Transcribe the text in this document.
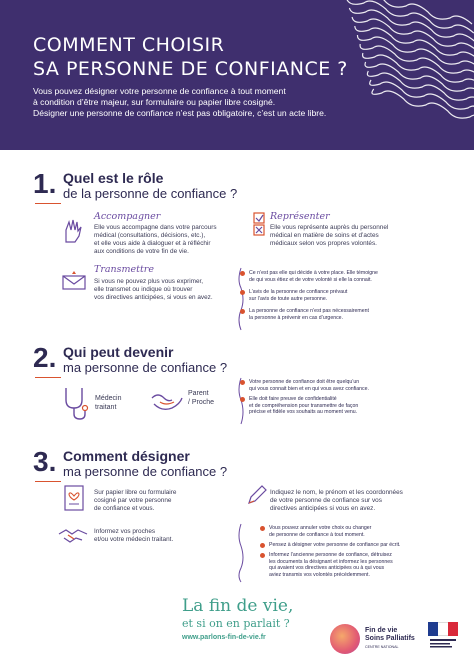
COMMENT CHOISIR
SA PERSONNE DE CONFIANCE ?

Vous pouvez désigner votre personne de confiance à tout moment

à condition d’être majeur, sur formulaire ou papier libre cosigné.

Désigner une personne de confiance n’est pas obligatoire, c’est un acte libre.

1. Quel est le rôle
de la personne de confiance ?
Accompagner
Elle vous accompagne dans votre parcours
médical (consultations, décisions, etc.),
et elle vous aide à dialoguer et à réfléchir
aux conditions de votre fin de vie.
Représenter
Elle vous représente auprès du personnel
médical en matière de soins et d’actes
médicaux selon vos propres volontés.
Transmettre
Si vous ne pouvez plus vous exprimer,
elle transmet ou indique où trouver
vos directives anticipées, si vous en avez.
Ce n’est pas elle qui décide à votre place. Elle témoigne
de qui vous étiez et de votre volonté si elle la connait.
L’avis de la personne de confiance prévaut
sur l’avis de toute autre personne.
La personne de confiance n’est pas nécessairement
la personne à prévenir en cas d’urgence.
2. Qui peut devenir
ma personne de confiance ?
Médecin
traitant
Parent
/ Proche
Votre personne de confiance doit être quelqu’un
qui vous connait bien et en qui vous avez confiance.
Elle doit faire preuve de confidentialité
et de compréhension pour transmettre de façon
précise et fidèle vos souhaits au moment venu.
3. Comment désigner
ma personne de confiance ?
Sur papier libre ou formulaire
cosigné par votre personne
de confiance et vous.
Indiquez le nom, le prénom et les coordonnées
de votre personne de confiance sur vos
directives anticipées si vous en avez.
Informez vos proches
et/ou votre médecin traitant.
Vous pouvez annuler votre choix ou changer
de personne de confiance à tout moment.
Pensez à désigner votre personne de confiance par écrit.
Informez l’ancienne personne de confiance, détruisez
les documents la désignant et informez les personnes
qui avaient vos directives anticipées ou à qui vous
aviez transmis vos volontés précédemment.
La fin de vie,
et si on en parlait ?
www.parlons-fin-de-vie.fr
Fin de vie
Soins Palliatifs
CENTRE NATIONAL
